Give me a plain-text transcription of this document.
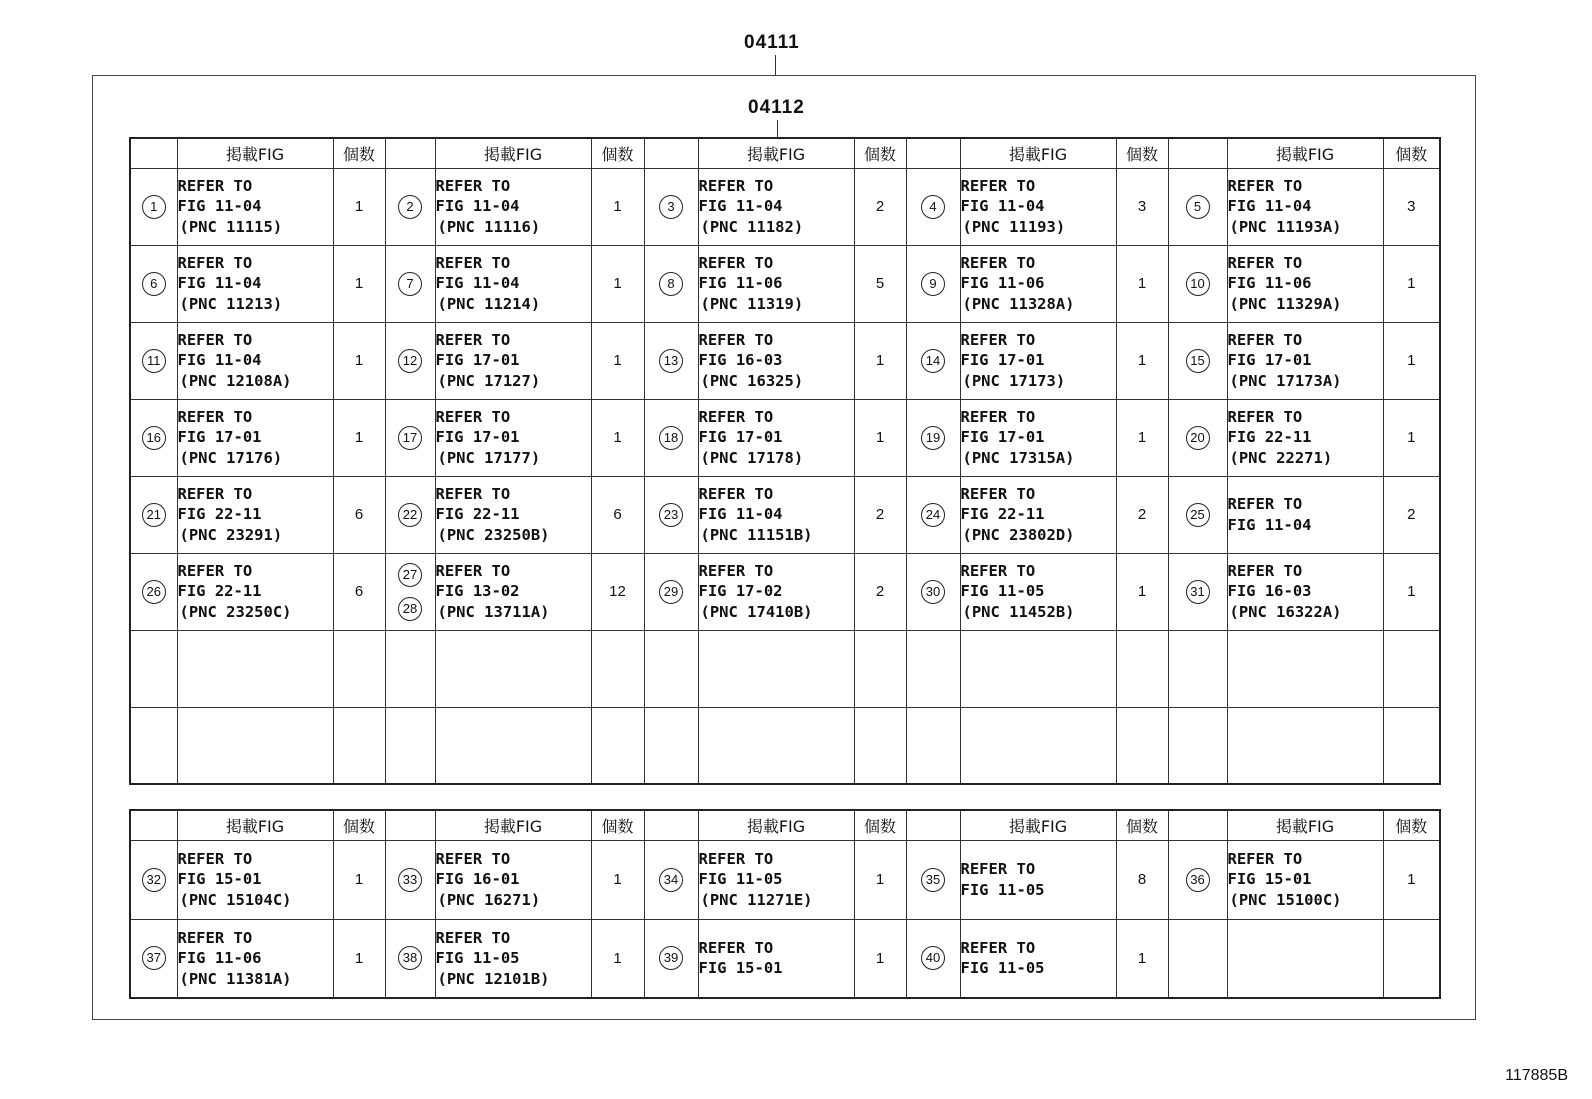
04111
04112
	掲載FIG	個数		掲載FIG	個数		掲載FIG	個数		掲載FIG	個数		掲載FIG	個数

1	REFER TO
FIG 11-04
(PNC 11115)	1	2	REFER TO
FIG 11-04
(PNC 11116)	1	3	REFER TO
FIG 11-04
(PNC 11182)	2	4	REFER TO
FIG 11-04
(PNC 11193)	3	5	REFER TO
FIG 11-04
(PNC 11193A)	3

6	REFER TO
FIG 11-04
(PNC 11213)	1	7	REFER TO
FIG 11-04
(PNC 11214)	1	8	REFER TO
FIG 11-06
(PNC 11319)	5	9	REFER TO
FIG 11-06
(PNC 11328A)	1	10	REFER TO
FIG 11-06
(PNC 11329A)	1

11	REFER TO
FIG 11-04
(PNC 12108A)	1	12	REFER TO
FIG 17-01
(PNC 17127)	1	13	REFER TO
FIG 16-03
(PNC 16325)	1	14	REFER TO
FIG 17-01
(PNC 17173)	1	15	REFER TO
FIG 17-01
(PNC 17173A)	1

16	REFER TO
FIG 17-01
(PNC 17176)	1	17	REFER TO
FIG 17-01
(PNC 17177)	1	18	REFER TO
FIG 17-01
(PNC 17178)	1	19	REFER TO
FIG 17-01
(PNC 17315A)	1	20	REFER TO
FIG 22-11
(PNC 22271)	1

21	REFER TO
FIG 22-11
(PNC 23291)	6	22	REFER TO
FIG 22-11
(PNC 23250B)	6	23	REFER TO
FIG 11-04
(PNC 11151B)	2	24	REFER TO
FIG 22-11
(PNC 23802D)	2	25	REFER TO
FIG 11-04	2

26	REFER TO
FIG 22-11
(PNC 23250C)	6	27
28	REFER TO
FIG 13-02
(PNC 13711A)	12	29	REFER TO
FIG 17-02
(PNC 17410B)	2	30	REFER TO
FIG 11-05
(PNC 11452B)	1	31	REFER TO
FIG 16-03
(PNC 16322A)	1

	掲載FIG	個数		掲載FIG	個数		掲載FIG	個数		掲載FIG	個数		掲載FIG	個数

32	REFER TO
FIG 15-01
(PNC 15104C)	1	33	REFER TO
FIG 16-01
(PNC 16271)	1	34	REFER TO
FIG 11-05
(PNC 11271E)	1	35	REFER TO
FIG 11-05	8	36	REFER TO
FIG 15-01
(PNC 15100C)	1

37	REFER TO
FIG 11-06
(PNC 11381A)	1	38	REFER TO
FIG 11-05
(PNC 12101B)	1	39	REFER TO
FIG 15-01	1	40	REFER TO
FIG 11-05	1	

117885B
